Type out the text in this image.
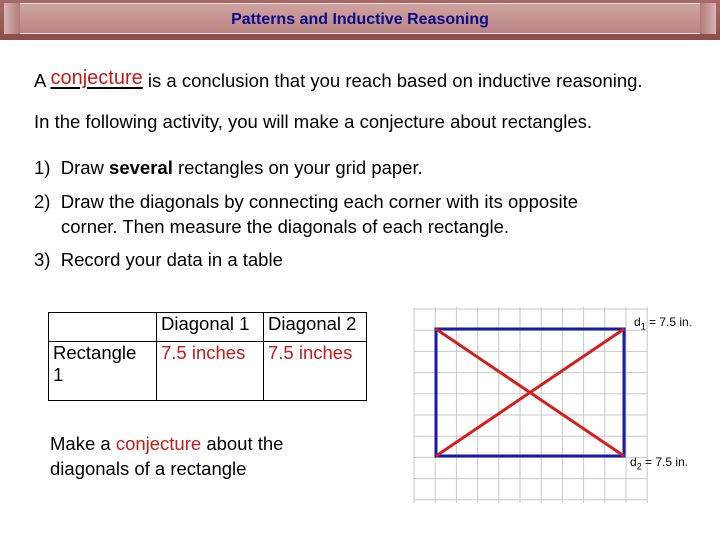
Patterns and Inductive Reasoning
A conjecture is a conclusion that you reach based on inductive reasoning.
In the following activity, you will make a conjecture about rectangles.
1) Draw several rectangles on your grid paper.
2) Draw the diagonals by connecting each corner with its opposite
corner. Then measure the diagonals of each rectangle.
3) Record your data in a table
	Diagonal 1	Diagonal 2

Rectangle
1	7.5 inches	7.5 inches
Make a conjecture about the
diagonals of a rectangle
$d_1 = 7.5$ in.
$d_2 = 7.5$ in.
